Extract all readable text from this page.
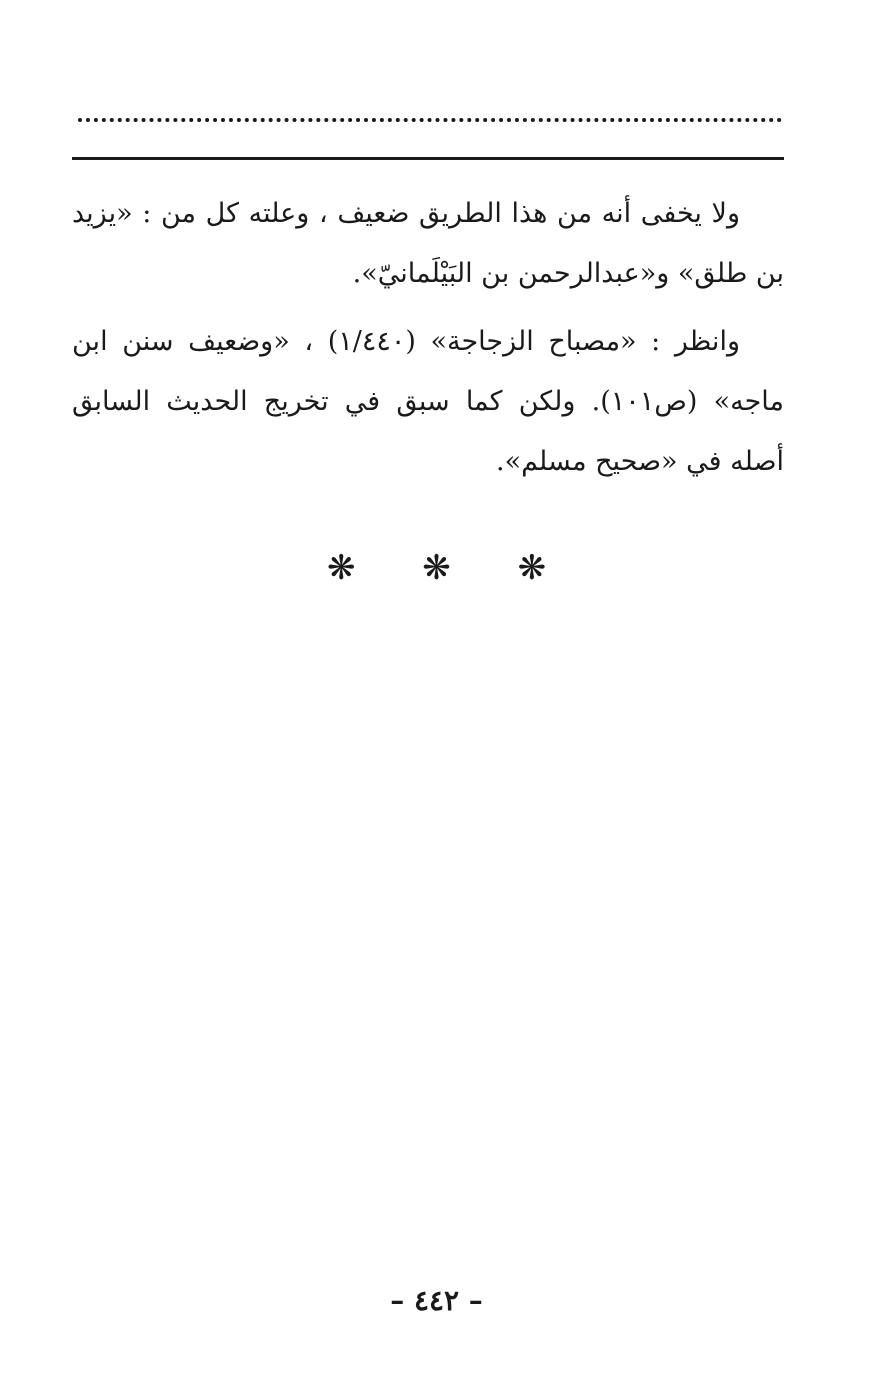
ولا يخفى أنه من هذا الطريق ضعيف ، وعلته كل من : «يزيد بن طلق» و«عبدالرحمن بن البَيْلَمانيّ».

وانظر : «مصباح الزجاجة» (١/٤٤٠) ، «وضعيف سنن ابن ماجه» (ص١٠١). ولكن كما سبق في تخريج الحديث السابق أصله في «صحيح مسلم».

❋ ❋ ❋
– ٤٤٢ –
